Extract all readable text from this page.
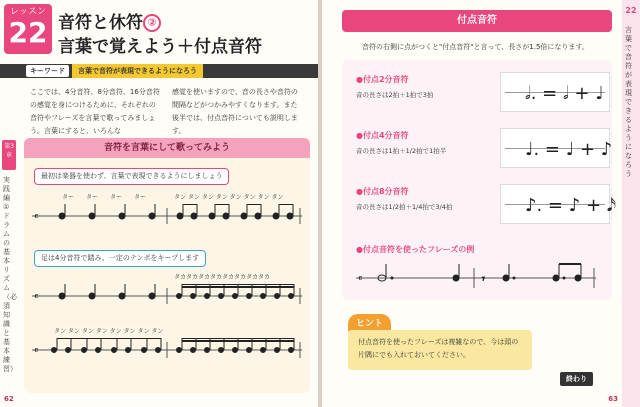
レッスン
22 音符と休符 ②
言葉で覚えよう＋付点音符
キーワード	言葉で音符が表現できるようになろう
ここでは、4分音符、8分音符、16分音符の感覚を身につけるために、それぞれの音符やフレーズを言葉で歌ってみましょう。言葉にすると、いろんな
感覚を使いますので、音の長さや音符の間隔などがつかみやすくなります。また後半では、付点音符についても説明します。
第3章
実践編①ドラムの基本リズム（必須知識と基本練習）
音符を言葉にして歌ってみよう
最初は楽器を使わず、言葉で表現できるようにしましょう
ター　　ター　　ター　　ター	タン タン タン タン タン タン タン タン
𝄴
足は4分音符で踏み、一定のテンポをキープします
タカタカタカタカタカタカタカタカ
𝄴
タン タン タン タン タン タン タン タン
𝄴
62
付点音符
音符の右側に点がつくと"付点音符"と言って、長さが1.5倍になります。
●付点2分音符
音の長さは2拍＋1拍で3拍	𝅗𝅥. = 𝅗𝅥 + ♩
●付点4分音符
音の長さは1拍＋1/2拍で1拍半	♩. = ♩ + ♪
●付点8分音符
音の長さは1/2拍＋1/4拍で3/4拍	♪. = ♪ + 𝅘𝅥𝅯
●付点音符を使ったフレーズの例
𝄴	𝄾
ヒント
付点音符を使ったフレーズは複雑なので、今は頭の片隅にでも入れておいてください。
終わり
22
言葉で音符が表現できるようになろう
63
